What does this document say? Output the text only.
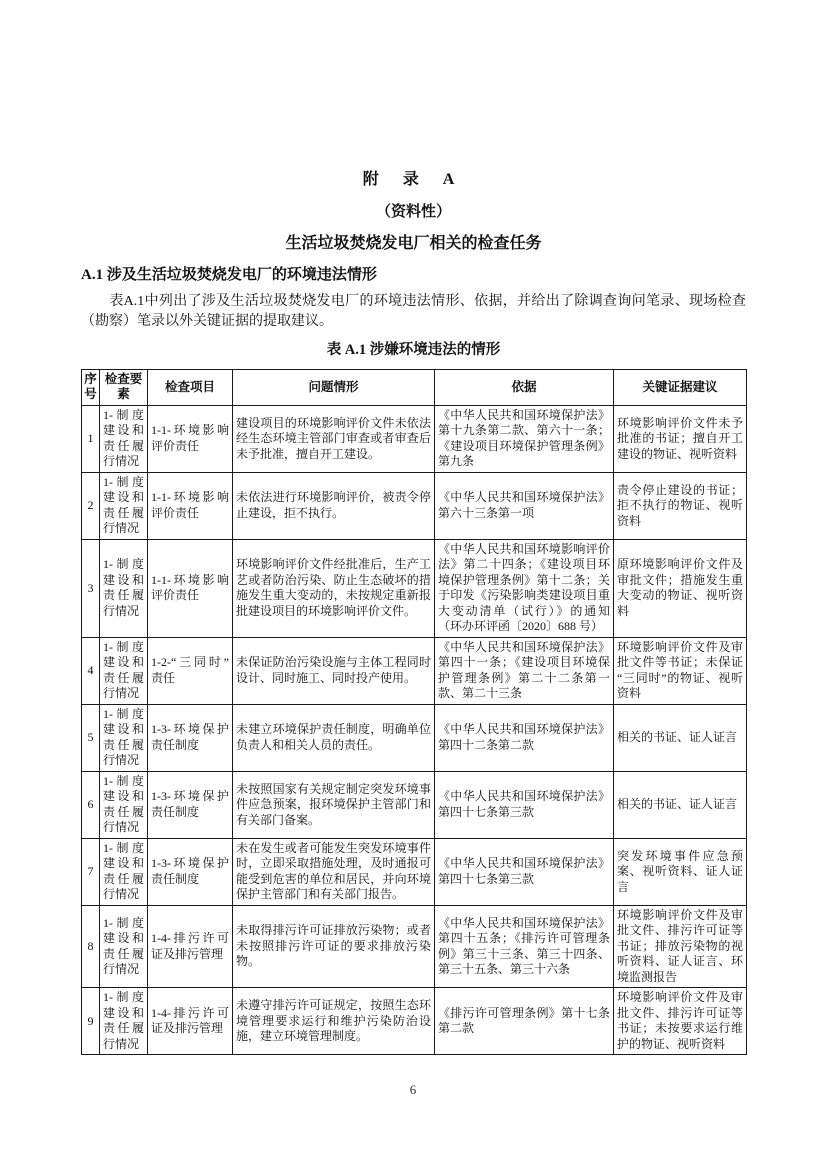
附 录 A
（资料性）
生活垃圾焚烧发电厂相关的检查任务
A.1 涉及生活垃圾焚烧发电厂的环境违法情形
表A.1中列出了涉及生活垃圾焚烧发电厂的环境违法情形、依据，并给出了除调查询问笔录、现场检查（勘察）笔录以外关键证据的提取建议。
表 A.1 涉嫌环境违法的情形
序号	检查要素	检查项目	问题情形	依据	关键证据建议
1	1-制度建设和责任履行情况	1-1-环境影响评价责任	建设项目的环境影响评价文件未依法经生态环境主管部门审查或者审查后未予批准，擅自开工建设。	《中华人民共和国环境保护法》第十九条第二款、第六十一条；《建设项目环境保护管理条例》第九条	环境影响评价文件未予批准的书证；擅自开工建设的物证、视听资料
2	1-制度建设和责任履行情况	1-1-环境影响评价责任	未依法进行环境影响评价，被责令停止建设，拒不执行。	《中华人民共和国环境保护法》第六十三条第一项	责令停止建设的书证；拒不执行的物证、视听资料
3	1-制度建设和责任履行情况	1-1-环境影响评价责任	环境影响评价文件经批准后，生产工艺或者防治污染、防止生态破坏的措施发生重大变动的，未按规定重新报批建设项目的环境影响评价文件。	《中华人民共和国环境影响评价法》第二十四条；《建设项目环境保护管理条例》第十二条；关于印发《污染影响类建设项目重大变动清单（试行）》的通知（环办环评函〔2020〕688 号）	原环境影响评价文件及审批文件；措施发生重大变动的物证、视听资料
4	1-制度建设和责任履行情况	1-2-“三同时”责任	未保证防治污染设施与主体工程同时设计、同时施工、同时投产使用。	《中华人民共和国环境保护法》第四十一条；《建设项目环境保护管理条例》第二十二条第一款、第二十三条	环境影响评价文件及审批文件等书证；未保证“三同时”的物证、视听资料
5	1-制度建设和责任履行情况	1-3-环境保护责任制度	未建立环境保护责任制度，明确单位负责人和相关人员的责任。	《中华人民共和国环境保护法》第四十二条第二款	相关的书证、证人证言
6	1-制度建设和责任履行情况	1-3-环境保护责任制度	未按照国家有关规定制定突发环境事件应急预案，报环境保护主管部门和有关部门备案。	《中华人民共和国环境保护法》第四十七条第三款	相关的书证、证人证言
7	1-制度建设和责任履行情况	1-3-环境保护责任制度	未在发生或者可能发生突发环境事件时，立即采取措施处理，及时通报可能受到危害的单位和居民，并向环境保护主管部门和有关部门报告。	《中华人民共和国环境保护法》第四十七条第三款	突发环境事件应急预案、视听资料、证人证言
8	1-制度建设和责任履行情况	1-4-排污许可证及排污管理	未取得排污许可证排放污染物；或者未按照排污许可证的要求排放污染物。	《中华人民共和国环境保护法》第四十五条；《排污许可管理条例》第三十三条、第三十四条、第三十五条、第三十六条	环境影响评价文件及审批文件、排污许可证等书证；排放污染物的视听资料、证人证言、环境监测报告
9	1-制度建设和责任履行情况	1-4-排污许可证及排污管理	未遵守排污许可证规定，按照生态环境管理要求运行和维护污染防治设施，建立环境管理制度。	《排污许可管理条例》第十七条第二款	环境影响评价文件及审批文件、排污许可证等书证；未按要求运行维护的物证、视听资料
6
